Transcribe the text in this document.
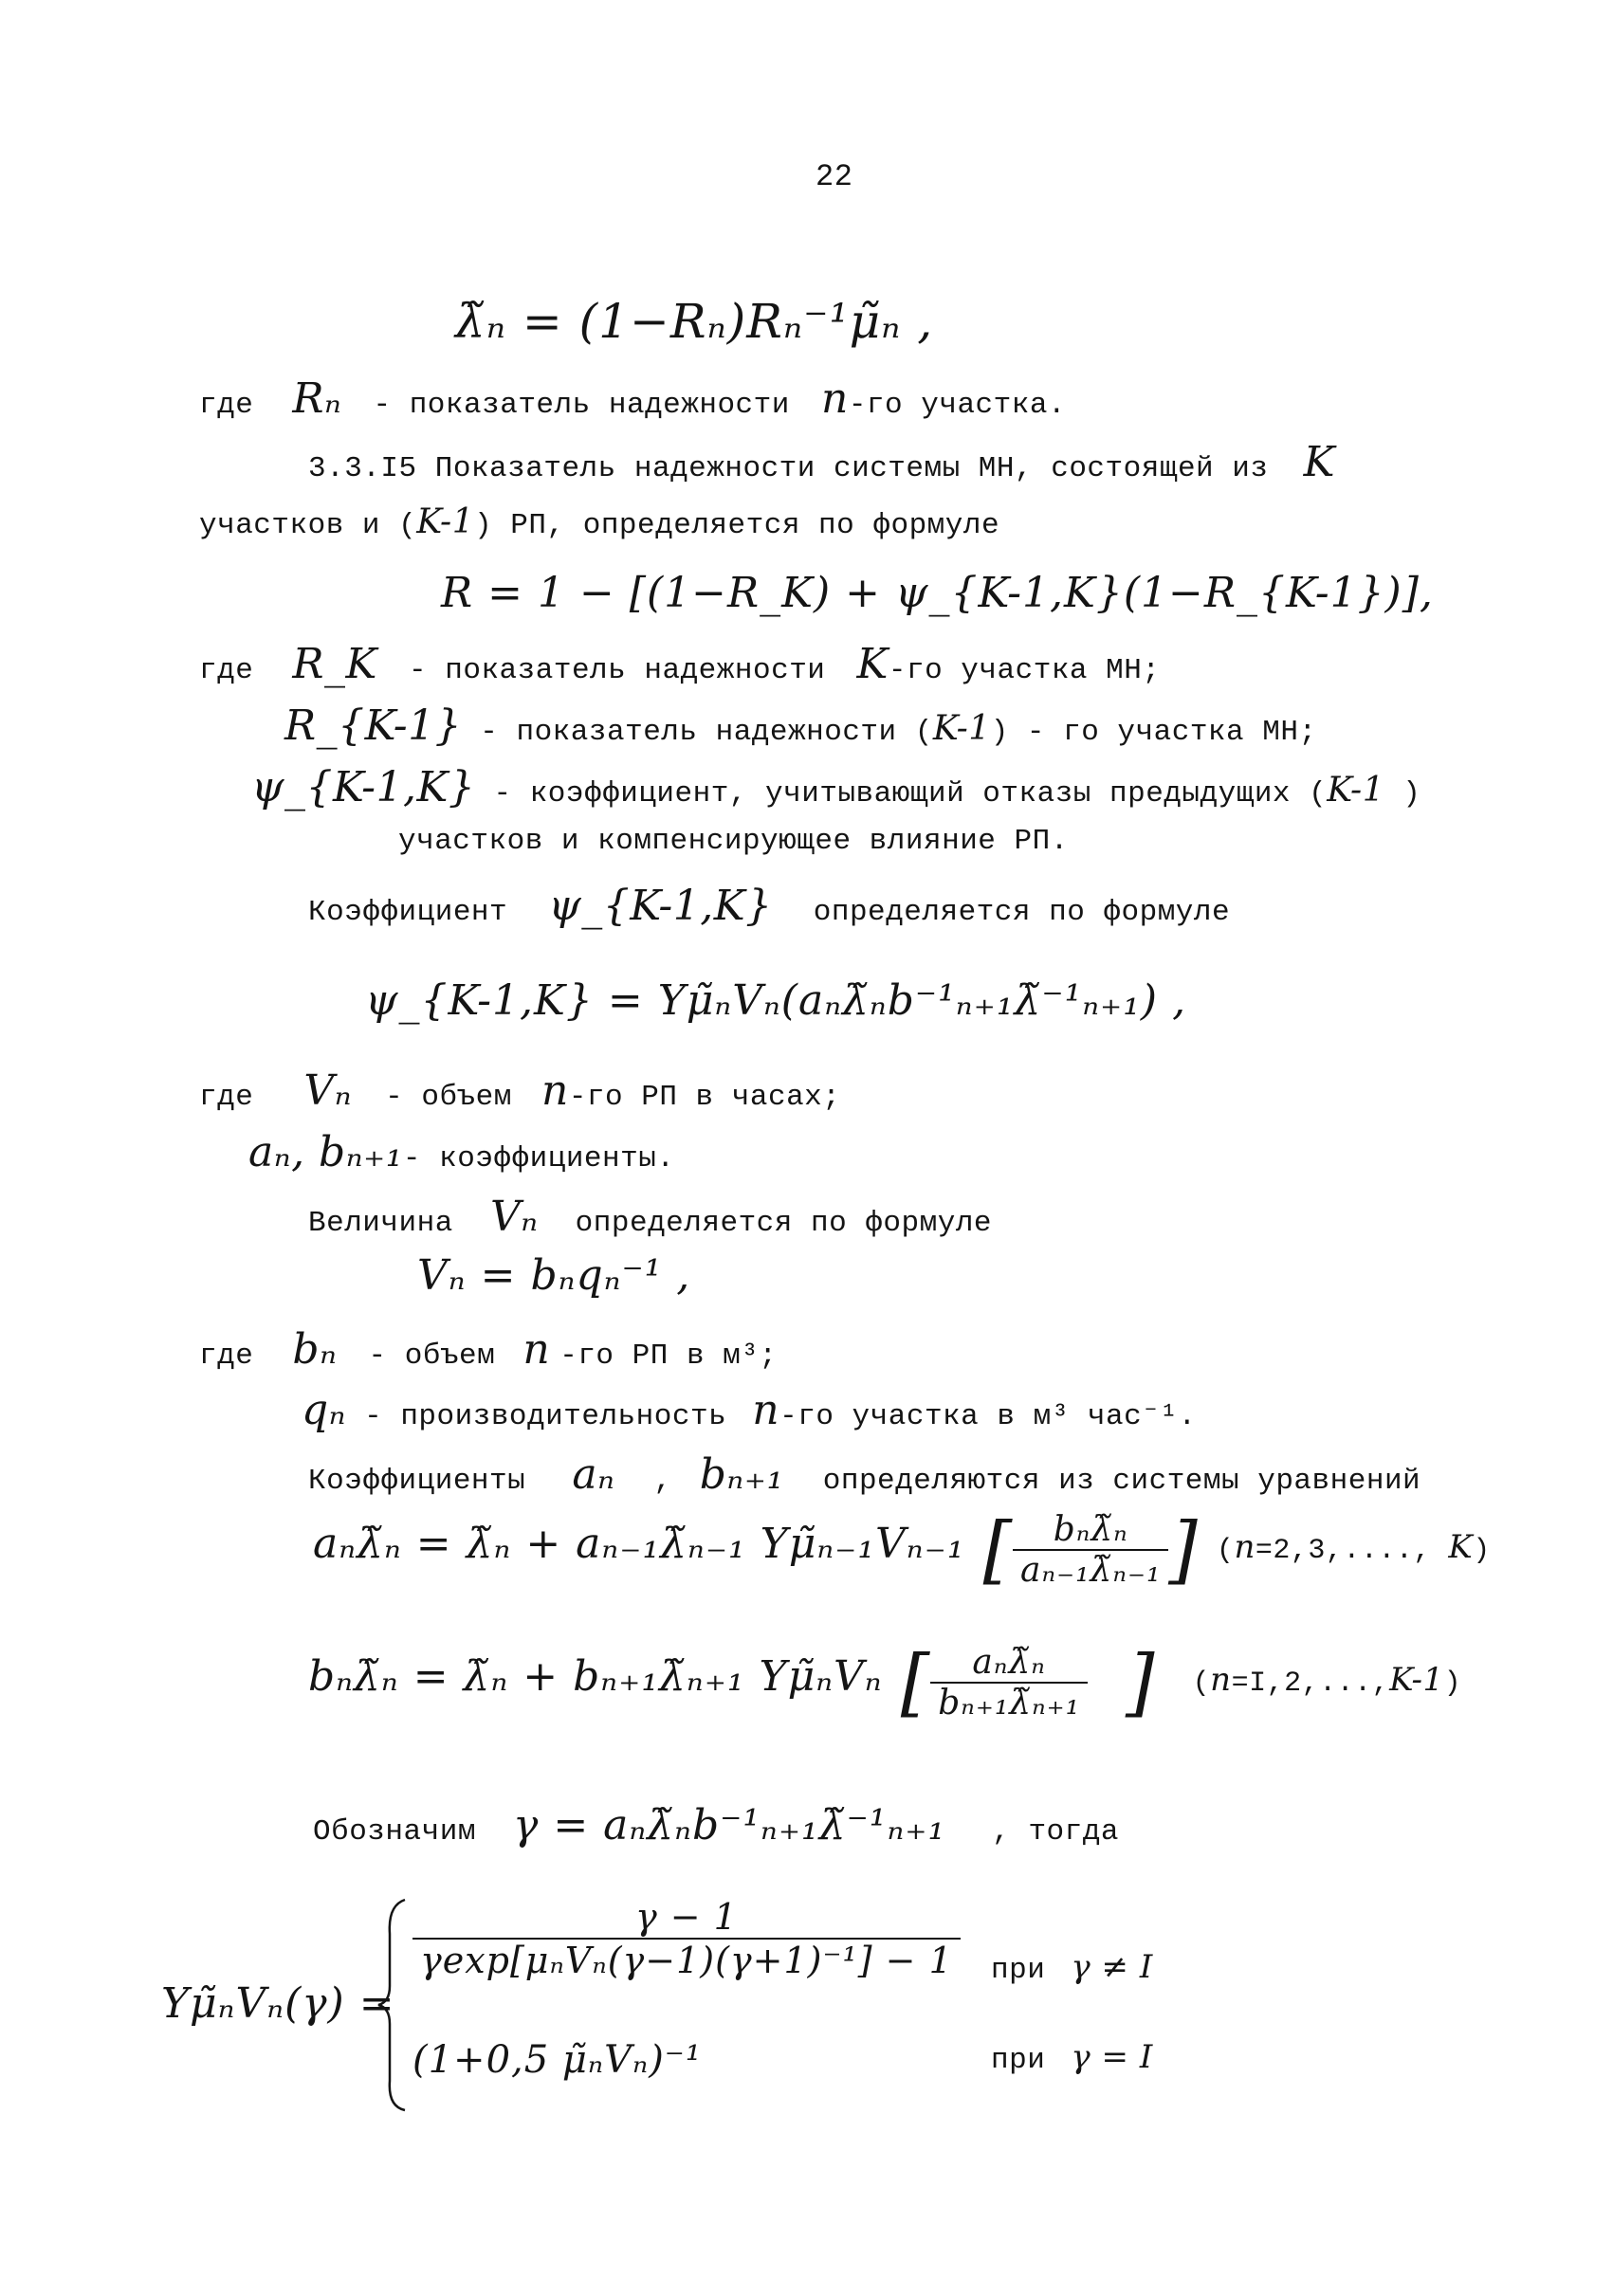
22
λ̃ₙ = (1−Rₙ)Rₙ⁻¹μ̃ₙ ,
где Rₙ - показатель надежности n-го участка.
3.3.I5 Показатель надежности системы МН, состоящей из K
участков и (K-1) РП, определяется по формуле
R = 1 − [(1−R_K) + ψ_{K-1,K}(1−R_{K-1})],
где R_K - показатель надежности K-го участка МН;
R_{K-1} - показатель надежности (K-1) - го участка МН;
ψ_{K-1,K} - коэффициент, учитывающий отказы предыдущих (K-1 )
участков и компенсирующее влияние РП.
Коэффициент ψ_{K-1,K} определяется по формуле
ψ_{K-1,K} = Yμ̃ₙVₙ(aₙλ̃ₙb⁻¹ₙ₊₁λ̃⁻¹ₙ₊₁) ,
где Vₙ - объем n-го РП в часах;
aₙ, bₙ₊₁- коэффициенты.
Величина Vₙ определяется по формуле
Vₙ = bₙqₙ⁻¹ ,
где bₙ - объем n -го РП в м³;
qₙ - производительность n-го участка в м³ час⁻¹.
Коэффициенты aₙ , bₙ₊₁ определяются из системы уравнений
aₙλ̃ₙ = λ̃ₙ + aₙ₋₁λ̃ₙ₋₁ Yμ̃ₙ₋₁Vₙ₋₁ [ $\frac{\text{bₙλ̃ₙ}}{\text{aₙ₋₁λ̃ₙ₋₁}}$ ] (n=2,3,...., K)
bₙλ̃ₙ = λ̃ₙ + bₙ₊₁λ̃ₙ₊₁ Yμ̃ₙVₙ [ $\frac{\text{aₙλ̃ₙ}}{\text{bₙ₊₁λ̃ₙ₊₁}}$ ] (n=I,2,...,K-1)
Обозначим γ = aₙλ̃ₙb⁻¹ₙ₊₁λ̃⁻¹ₙ₊₁ , тогда
Yμ̃ₙVₙ(γ) =
$\frac{\gamma - 1}{\text{γexp[μₙVₙ(γ−1)(γ+1)⁻¹] − 1}}$ при γ ≠ I
(1+0,5 μ̃ₙVₙ)⁻¹	при γ = I
